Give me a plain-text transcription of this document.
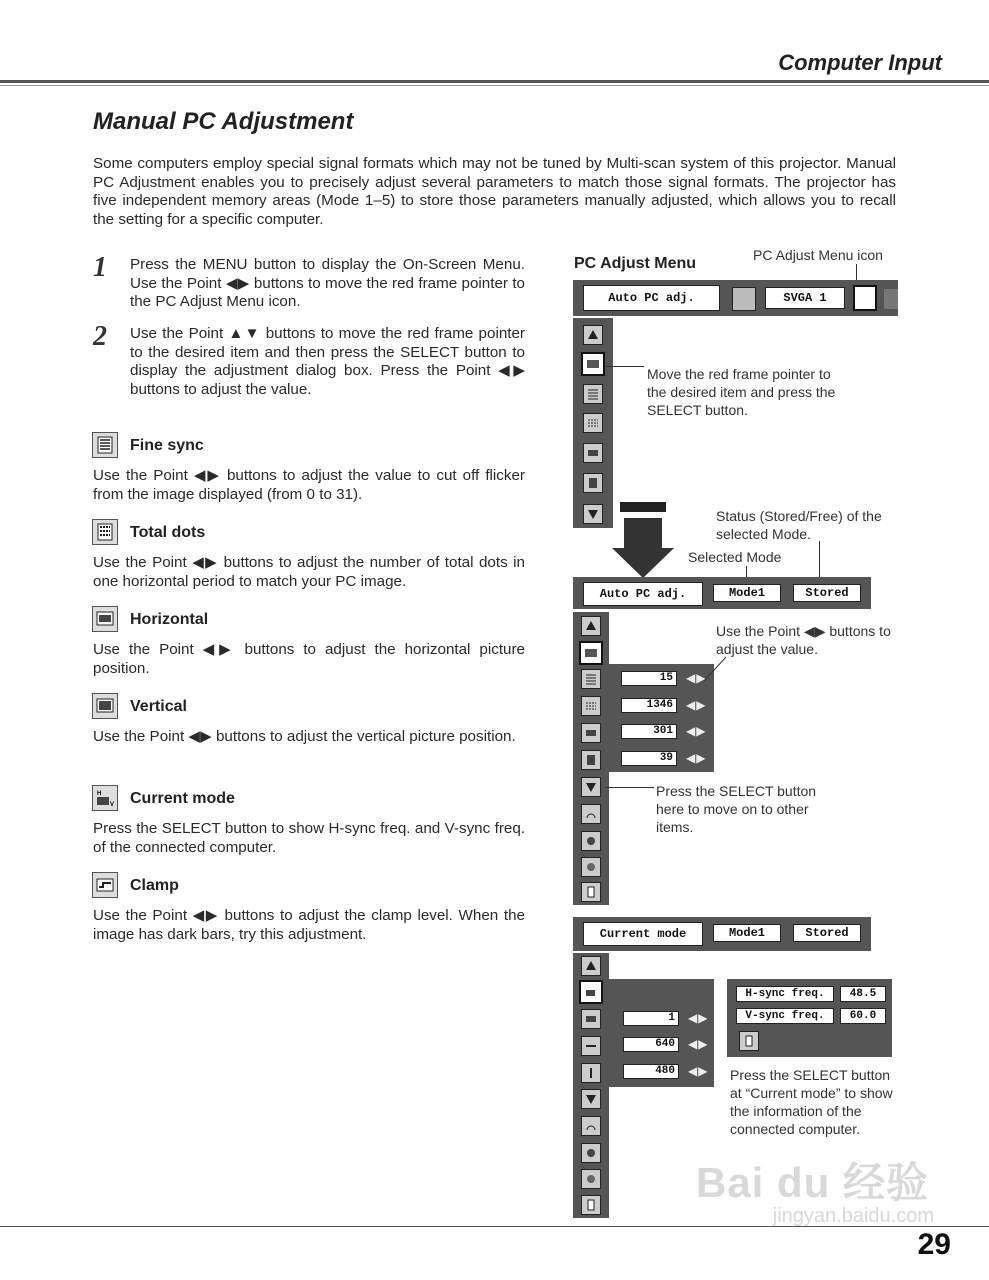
Computer Input
Manual PC Adjustment
Some computers employ special signal formats which may not be tuned by Multi-scan system of this projector. Manual PC Adjustment enables you to precisely adjust several parameters to match those signal formats. The projector has five independent memory areas (Mode 1–5) to store those parameters manually adjusted, which allows you to recall the setting for a specific computer.
1 Press the MENU button to display the On-Screen Menu. Use the Point ◀▶ buttons to move the red frame pointer to the PC Adjust Menu icon.
2 Use the Point ▲▼ buttons to move the red frame pointer to the desired item and then press the SELECT button to display the adjustment dialog box. Press the Point ◀▶ buttons to adjust the value.
Fine sync
Use the Point ◀▶ buttons to adjust the value to cut off flicker from the image displayed (from 0 to 31).
Total dots
Use the Point ◀▶ buttons to adjust the number of total dots in one horizontal period to match your PC image.
Horizontal
Use the Point ◀▶ buttons to adjust the horizontal picture position.
Vertical
Use the Point ◀▶ buttons to adjust the vertical picture position.
H
V Current mode
Press the SELECT button to show H-sync freq. and V-sync freq. of the connected computer.
Clamp
Use the Point ◀▶ buttons to adjust the clamp level. When the image has dark bars, try this adjustment.
PC Adjust Menu	PC Adjust Menu icon
Auto PC adj.	SVGA 1
Move the red frame pointer to the desired item and press the SELECT button.
Status (Stored/Free) of the selected Mode.
Selected Mode
Auto PC adj.	Mode1	Stored
15	◀▶
1346	◀▶
301	◀▶
39	◀▶
Use the Point ◀▶ buttons to adjust the value.
Press the SELECT button here to move on to other items.
Current mode	Mode1	Stored
1	◀▶
640	◀▶
480	◀▶
H-sync freq.	48.5
V-sync freq.	60.0
Press the SELECT button at “Current mode” to show the information of the connected computer.
Bai du 经验
jingyan.baidu.com
29
